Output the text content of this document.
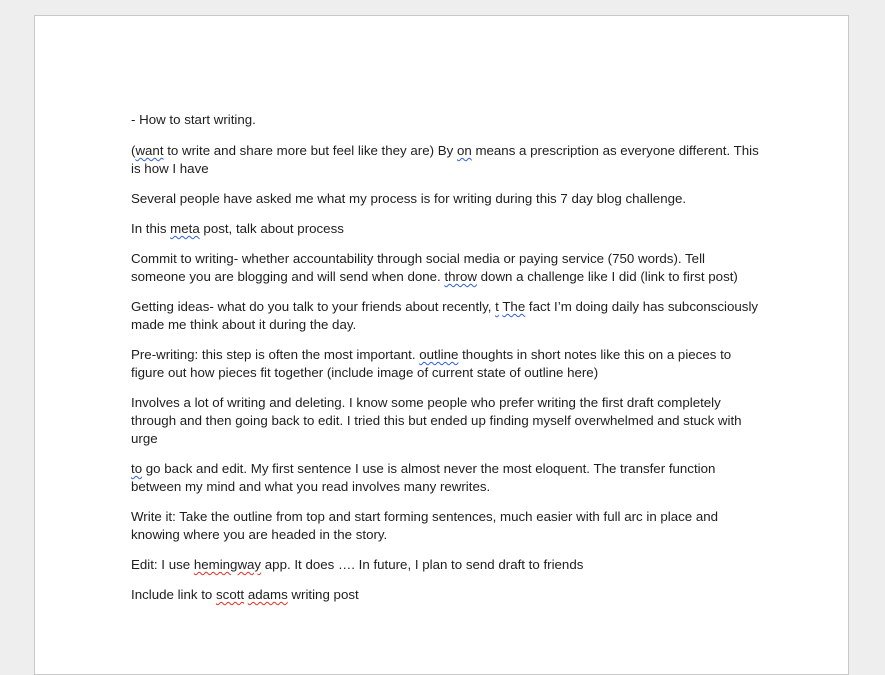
- How to start writing.

(want to write and share more but feel like they are) By on means a prescription as everyone different. This is how I have

Several people have asked me what my process is for writing during this 7 day blog challenge.

In this meta post, talk about process

Commit to writing- whether accountability through social media or paying service (750 words). Tell someone you are blogging and will send when done. throw down a challenge like I did (link to first post)

Getting ideas- what do you talk to your friends about recently, t The fact I’m doing daily has subconsciously made me think about it during the day.

Pre-writing: this step is often the most important. outline thoughts in short notes like this on a pieces to figure out how pieces fit together (include image of current state of outline here)

Involves a lot of writing and deleting. I know some people who prefer writing the first draft completely through and then going back to edit. I tried this but ended up finding myself overwhelmed and stuck with urge

to go back and edit. My first sentence I use is almost never the most eloquent. The transfer function between my mind and what you read involves many rewrites.

Write it: Take the outline from top and start forming sentences, much easier with full arc in place and knowing where you are headed in the story.

Edit: I use hemingway app. It does …. In future, I plan to send draft to friends

Include link to scott adams writing post
